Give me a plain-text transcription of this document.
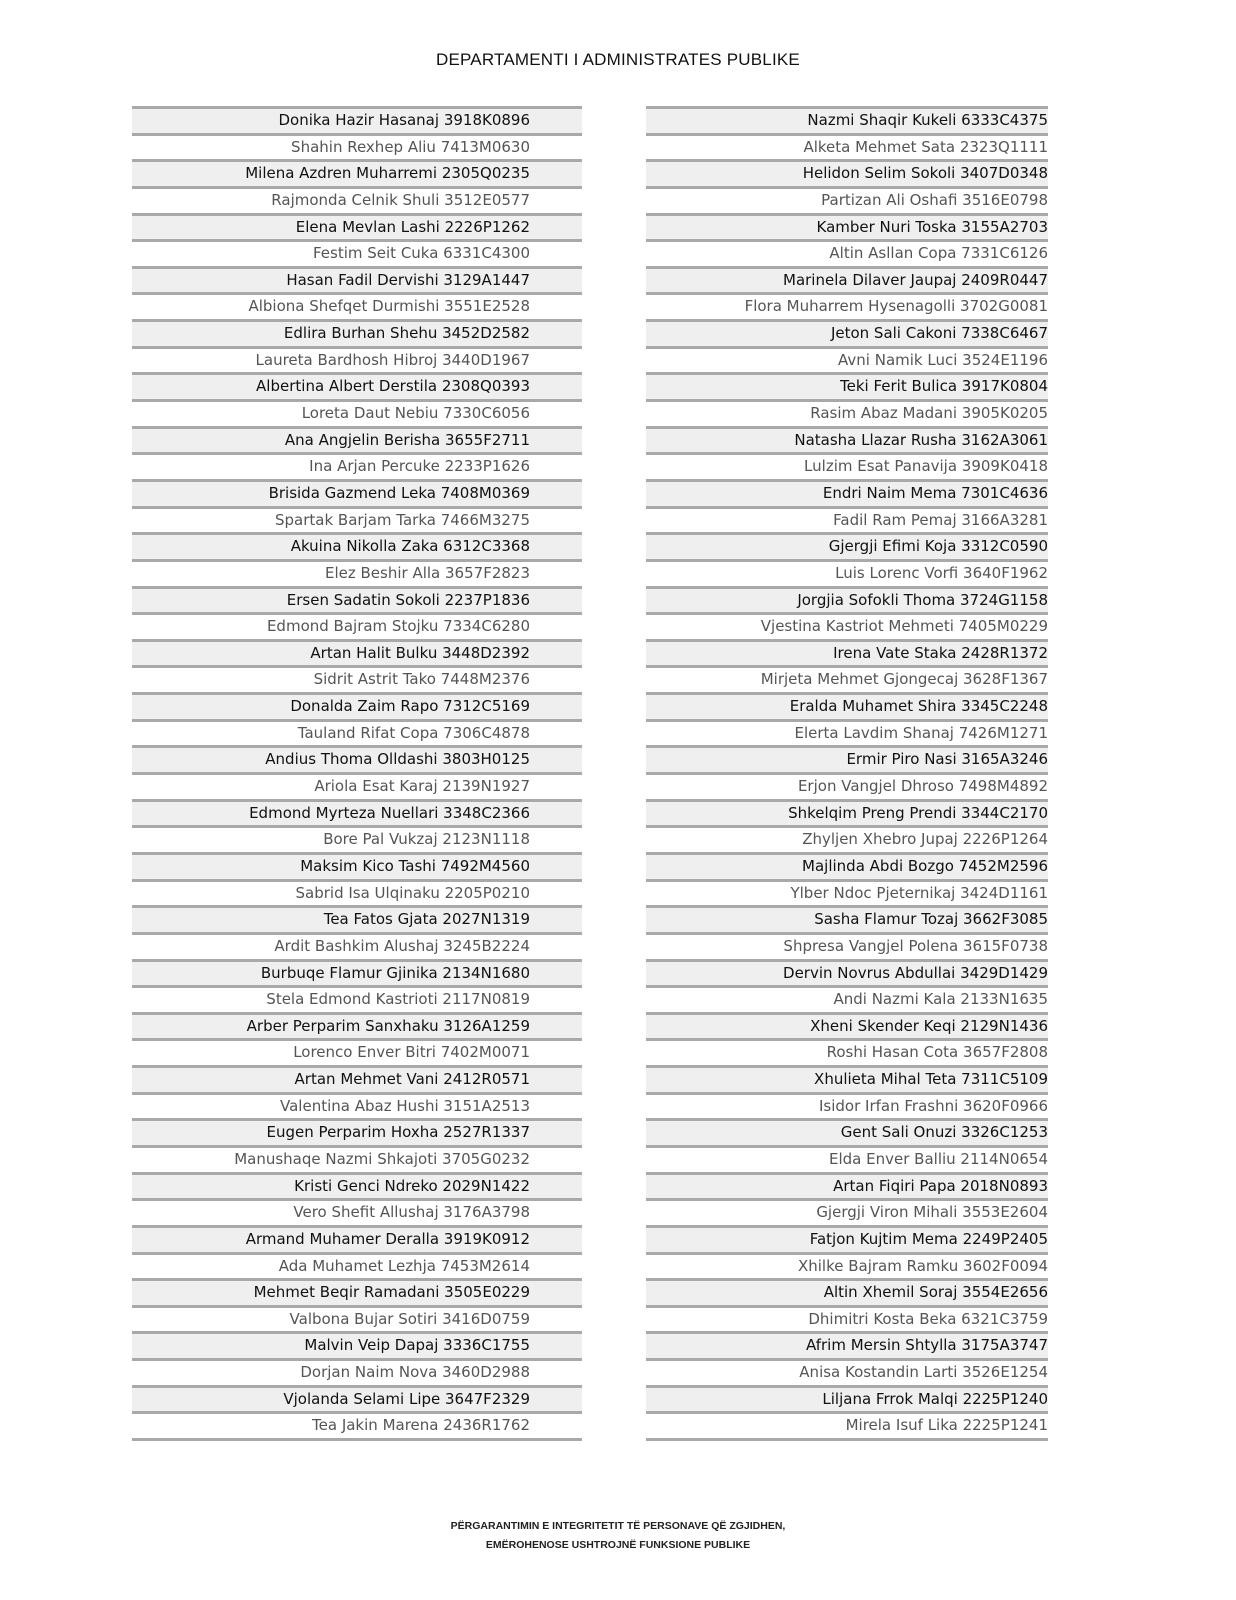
DEPARTAMENTI I ADMINISTRATES PUBLIKE
Donika Hazir Hasanaj 3918K0896
Shahin Rexhep Aliu 7413M0630
Milena Azdren Muharremi 2305Q0235
Rajmonda Celnik Shuli 3512E0577
Elena Mevlan Lashi 2226P1262
Festim Seit Cuka 6331C4300
Hasan Fadil Dervishi 3129A1447
Albiona Shefqet Durmishi 3551E2528
Edlira Burhan Shehu 3452D2582
Laureta Bardhosh Hibroj 3440D1967
Albertina Albert Derstila 2308Q0393
Loreta Daut Nebiu 7330C6056
Ana Angjelin Berisha 3655F2711
Ina Arjan Percuke 2233P1626
Brisida Gazmend Leka 7408M0369
Spartak Barjam Tarka 7466M3275
Akuina Nikolla Zaka 6312C3368
Elez Beshir Alla 3657F2823
Ersen Sadatin Sokoli 2237P1836
Edmond Bajram Stojku 7334C6280
Artan Halit Bulku 3448D2392
Sidrit Astrit Tako 7448M2376
Donalda Zaim Rapo 7312C5169
Tauland Rifat Copa 7306C4878
Andius Thoma Olldashi 3803H0125
Ariola Esat Karaj 2139N1927
Edmond Myrteza Nuellari 3348C2366
Bore Pal Vukzaj 2123N1118
Maksim Kico Tashi 7492M4560
Sabrid Isa Ulqinaku 2205P0210
Tea Fatos Gjata 2027N1319
Ardit Bashkim Alushaj 3245B2224
Burbuqe Flamur Gjinika 2134N1680
Stela Edmond Kastrioti 2117N0819
Arber Perparim Sanxhaku 3126A1259
Lorenco Enver Bitri 7402M0071
Artan Mehmet Vani 2412R0571
Valentina Abaz Hushi 3151A2513
Eugen Perparim Hoxha 2527R1337
Manushaqe Nazmi Shkajoti 3705G0232
Kristi Genci Ndreko 2029N1422
Vero Shefit Allushaj 3176A3798
Armand Muhamer Deralla 3919K0912
Ada Muhamet Lezhja 7453M2614
Mehmet Beqir Ramadani 3505E0229
Valbona Bujar Sotiri 3416D0759
Malvin Veip Dapaj 3336C1755
Dorjan Naim Nova 3460D2988
Vjolanda Selami Lipe 3647F2329
Tea Jakin Marena 2436R1762
Nazmi Shaqir Kukeli 6333C4375
Alketa Mehmet Sata 2323Q1111
Helidon Selim Sokoli 3407D0348
Partizan Ali Oshafi 3516E0798
Kamber Nuri Toska 3155A2703
Altin Asllan Copa 7331C6126
Marinela Dilaver Jaupaj 2409R0447
Flora Muharrem Hysenagolli 3702G0081
Jeton Sali Cakoni 7338C6467
Avni Namik Luci 3524E1196
Teki Ferit Bulica 3917K0804
Rasim Abaz Madani 3905K0205
Natasha Llazar Rusha 3162A3061
Lulzim Esat Panavija 3909K0418
Endri Naim Mema 7301C4636
Fadil Ram Pemaj 3166A3281
Gjergji Efimi Koja 3312C0590
Luis Lorenc Vorfi 3640F1962
Jorgjia Sofokli Thoma 3724G1158
Vjestina Kastriot Mehmeti 7405M0229
Irena Vate Staka 2428R1372
Mirjeta Mehmet Gjongecaj 3628F1367
Eralda Muhamet Shira 3345C2248
Elerta Lavdim Shanaj 7426M1271
Ermir Piro Nasi 3165A3246
Erjon Vangjel Dhroso 7498M4892
Shkelqim Preng Prendi 3344C2170
Zhyljen Xhebro Jupaj 2226P1264
Majlinda Abdi Bozgo 7452M2596
Ylber Ndoc Pjeternikaj 3424D1161
Sasha Flamur Tozaj 3662F3085
Shpresa Vangjel Polena 3615F0738
Dervin Novrus Abdullai 3429D1429
Andi Nazmi Kala 2133N1635
Xheni Skender Keqi 2129N1436
Roshi Hasan Cota 3657F2808
Xhulieta Mihal Teta 7311C5109
Isidor Irfan Frashni 3620F0966
Gent Sali Onuzi 3326C1253
Elda Enver Balliu 2114N0654
Artan Fiqiri Papa 2018N0893
Gjergji Viron Mihali 3553E2604
Fatjon Kujtim Mema 2249P2405
Xhilke Bajram Ramku 3602F0094
Altin Xhemil Soraj 3554E2656
Dhimitri Kosta Beka 6321C3759
Afrim Mersin Shtylla 3175A3747
Anisa Kostandin Larti 3526E1254
Liljana Frrok Malqi 2225P1240
Mirela Isuf Lika 2225P1241
PËRGARANTIMIN E INTEGRITETIT TË PERSONAVE QË ZGJIDHEN,
EMËROHENOSE USHTROJNË FUNKSIONE PUBLIKE
